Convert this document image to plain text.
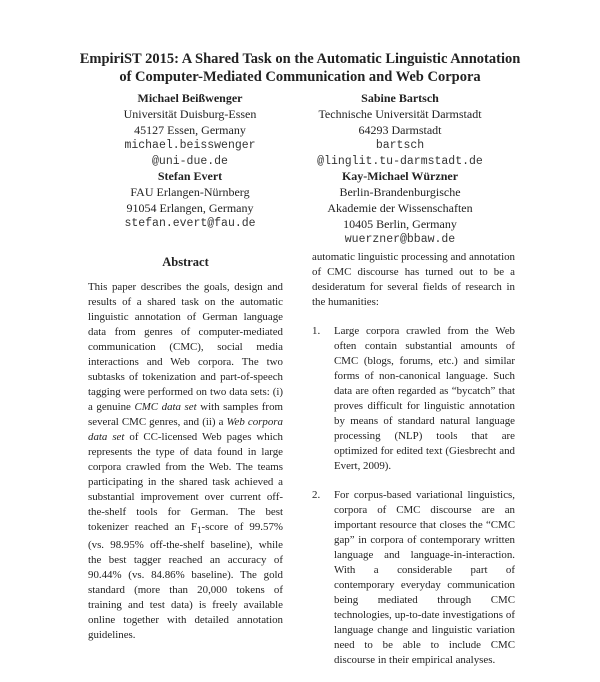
EmpiriST 2015: A Shared Task on the Automatic Linguistic Annotation
of Computer-Mediated Communication and Web Corpora
Michael Beißwenger
Universität Duisburg-Essen
45127 Essen, Germany
michael.beisswenger
@uni-due.de
Sabine Bartsch
Technische Universität Darmstadt
64293 Darmstadt
bartsch
@linglit.tu-darmstadt.de
Stefan Evert
FAU Erlangen-Nürnberg
91054 Erlangen, Germany
stefan.evert@fau.de
Kay-Michael Würzner
Berlin-Brandenburgische
Akademie der Wissenschaften
10405 Berlin, Germany
wuerzner@bbaw.de
Abstract

This paper describes the goals, design and results of a shared task on the automatic linguistic annotation of German language data from genres of computer-mediated communication (CMC), social media interactions and Web corpora. The two subtasks of tokenization and part-of-speech tagging were performed on two data sets: (i) a genuine CMC data set with samples from several CMC genres, and (ii) a Web corpora data set of CC-licensed Web pages which represents the type of data found in large corpora crawled from the Web. The teams participating in the shared task achieved a substantial improvement over current off-the-shelf tools for German. The best tokenizer reached an $F_1$-score of 99.57% (vs. 98.95% off-the-shelf baseline), while the best tagger reached an accuracy of 90.44% (vs. 84.86% baseline). The gold standard (more than 20,000 tokens of training and test data) is freely available online together with detailed annotation guidelines.

automatic linguistic processing and annotation of CMC discourse has turned out to be a desideratum for several fields of research in the humanities:

1. Large corpora crawled from the Web often contain substantial amounts of CMC (blogs, forums, etc.) and similar forms of non-canonical language. Such data are often regarded as “bycatch” that proves difficult for linguistic annotation by means of standard natural language processing (NLP) tools that are optimized for edited text (Giesbrecht and Evert, 2009).
2. For corpus-based variational linguistics, corpora of CMC discourse are an important resource that closes the “CMC gap” in corpora of contemporary written language and language-in-interaction. With a considerable part of contemporary everyday communication being mediated through CMC technologies, up-to-date investigations of language change and linguistic variation need to be able to include CMC discourse in their empirical analyses.
